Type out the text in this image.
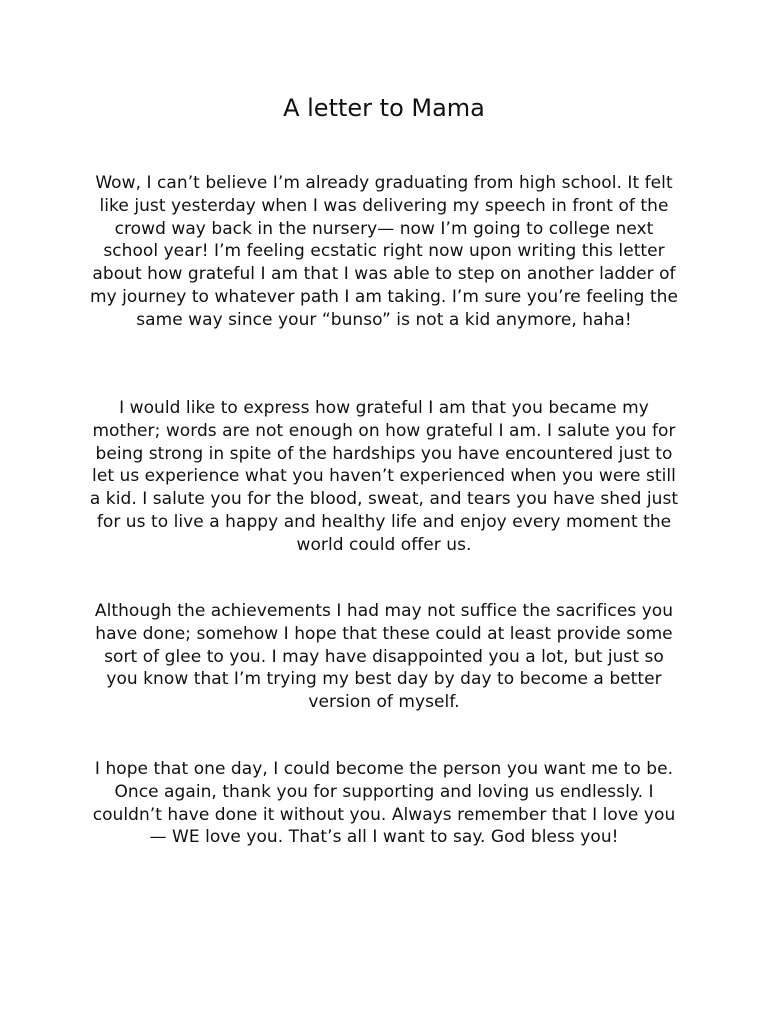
A letter to Mama

Wow, I can’t believe I’m already graduating from high school. It felt like just yesterday when I was delivering my speech in front of the crowd way back in the nursery— now I’m going to college next school year! I’m feeling ecstatic right now upon writing this letter about how grateful I am that I was able to step on another ladder of my journey to whatever path I am taking. I’m sure you’re feeling the same way since your “bunso” is not a kid anymore, haha!

I would like to express how grateful I am that you became my mother; words are not enough on how grateful I am. I salute you for being strong in spite of the hardships you have encountered just to let us experience what you haven’t experienced when you were still a kid. I salute you for the blood, sweat, and tears you have shed just for us to live a happy and healthy life and enjoy every moment the world could offer us.

Although the achievements I had may not suffice the sacrifices you have done; somehow I hope that these could at least provide some sort of glee to you. I may have disappointed you a lot, but just so you know that I’m trying my best day by day to become a better version of myself.

I hope that one day, I could become the person you want me to be. Once again, thank you for supporting and loving us endlessly. I couldn’t have done it without you. Always remember that I love you— WE love you. That’s all I want to say. God bless you!
